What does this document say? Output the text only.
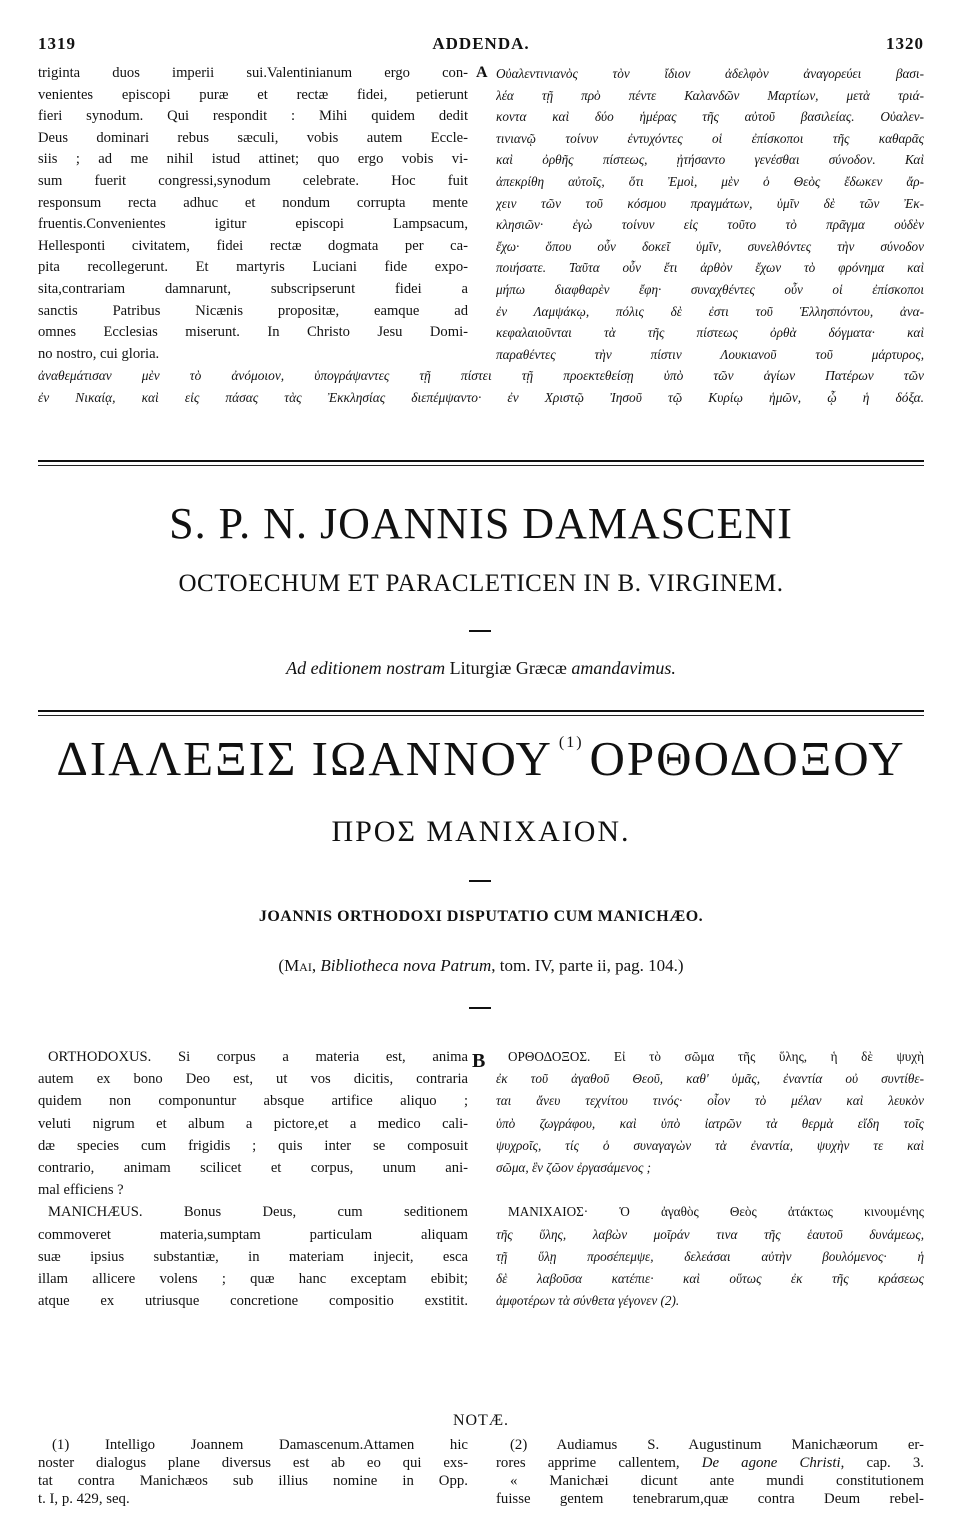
1319	ADDENDA.	1320
triginta duos imperii sui.Valentinianum ergo con-
venientes episcopi puræ et rectæ fidei, petierunt
fieri synodum. Qui respondit : Mihi quidem dedit
Deus dominari rebus sæculi, vobis autem Eccle-
siis ; ad me nihil istud attinet; quo ergo vobis vi-
sum fuerit congressi,synodum celebrate. Hoc fuit
responsum recta adhuc et nondum corrupta mente
fruentis.Convenientes igitur episcopi Lampsacum,
Hellesponti civitatem, fidei rectæ dogmata per ca-
pita recollegerunt. Et martyris Luciani fide expo-
sita,contrariam damnarunt, subscripserunt fidei a
sanctis Patribus Nicænis propositæ, eamque ad
omnes Ecclesias miserunt. In Christo Jesu Domi-
no nostro, cui gloria.
A Οὐαλεντινιανὸς τὸν ἴδιον ἀδελφὸν ἀναγορεύει βασι-
λέα τῇ πρὸ πέντε Καλανδῶν Μαρτίων, μετὰ τριά-
κοντα καὶ δύο ἡμέρας τῆς αὐτοῦ βασιλείας. Οὐαλεν-
τινιανῷ τοίνυν ἐντυχόντες οἱ ἐπίσκοποι τῆς καθαρᾶς
καὶ ὀρθῆς πίστεως, ᾐτήσαντο γενέσθαι σύνοδον. Καὶ
ἀπεκρίθη αὐτοῖς, ὅτι Ἐμοὶ, μὲν ὁ Θεὸς ἔδωκεν ἄρ-
χειν τῶν τοῦ κόσμου πραγμάτων, ὑμῖν δὲ τῶν Ἐκ-
κλησιῶν· ἐγὼ τοίνυν εἰς τοῦτο τὸ πρᾶγμα οὐδὲν
ἔχω· ὅπου οὖν δοκεῖ ὑμῖν, συνελθόντες τὴν σύνοδον
ποιήσατε. Ταῦτα οὖν ἔτι ἀρθὸν ἔχων τὸ φρόνημα καὶ
μήπω διαφθαρὲν ἔφη· συναχθέντες οὖν οἱ ἐπίσκοποι
ἐν Λαμψάκῳ, πόλις δὲ ἐστι τοῦ Ἑλλησπόντου, ἀνα-
κεφαλαιοῦνται τὰ τῆς πίστεως ὀρθὰ δόγματα· καὶ
παραθέντες τὴν πίστιν Λουκιανοῦ τοῦ μάρτυρος,
ἀναθεμάτισαν μὲν τὸ ἀνόμοιον, ὑπογράψαντες τῇ πίστει τῇ προεκτεθείσῃ ὑπὸ τῶν ἁγίων Πατέρων τῶν
ἐν Νικαίᾳ, καὶ εἰς πάσας τὰς Ἐκκλησίας διεπέμψαντο· ἐν Χριστῷ Ἰησοῦ τῷ Κυρίῳ ἡμῶν, ᾧ ἡ δόξα.
S. P. N. JOANNIS DAMASCENI
OCTOECHUM ET PARACLETICEN IN B. VIRGINEM.
Ad editionem nostram Liturgiæ Græcæ amandavimus.
ΔΙΑΛΕΞΙΣ ΙΩΑΝΝΟΥ $^{(1)}$ ΟΡΘΟΔΟΞΟΥ
ΠΡΟΣ ΜΑΝΙΧΑΙΟΝ.
JOANNIS ORTHODOXI DISPUTATIO CUM MANICHÆO.
(Mai, Bibliotheca nova Patrum, tom. IV, parte ii, pag. 104.)
ORTHODOXUS. Si corpus a materia est, anima
autem ex bono Deo est, ut vos dicitis, contraria
quidem non componuntur absque artifice aliquo ;
veluti nigrum et album a pictore,et a medico cali-
dæ species cum frigidis ; quis inter se composuit
contrario, animam scilicet et corpus, unum ani-
mal efficiens ?
MANICHÆUS. Bonus Deus, cum seditionem
commoveret materia,sumptam particulam aliquam
suæ ipsius substantiæ, in materiam injecit, esca
illam allicere volens ; quæ hanc exceptam ebibit;
atque ex utriusque concretione compositio exstitit.
B	ΟΡΘΟΔΟΞΟΣ. Εἰ τὸ σῶμα τῆς ὕλης, ἡ δὲ ψυχὴ
ἐκ τοῦ ἀγαθοῦ Θεοῦ, καθ' ὑμᾶς, ἐναντία οὐ συντίθε-
ται ἄνευ τεχνίτου τινός· οἷον τὸ μέλαν καὶ λευκὸν
ὑπὸ ζωγράφου, καὶ ὑπὸ ἰατρῶν τὰ θερμὰ εἴδη τοῖς
ψυχροῖς, τίς ὁ συναγαγὼν τὰ ἐναντία, ψυχὴν τε καὶ
σῶμα, ἓν ζῶον ἐργασάμενος ;
ΜΑΝΙΧΑΙΟΣ· Ὁ ἀγαθὸς Θεὸς ἀτάκτως κινουμένης
τῆς ὕλης, λαβὼν μοῖράν τινα τῆς ἑαυτοῦ δυνάμεως,
τῇ ὕλῃ προσέπεμψε, δελεάσαι αὐτὴν βουλόμενος· ἡ
δὲ λαβοῦσα κατέπιε· καὶ οὕτως ἐκ τῆς κράσεως
ἀμφοτέρων τὰ σύνθετα γέγονεν (2).
NOTÆ.
(1) Intelligo Joannem Damascenum.Attamen hic
noster dialogus plane diversus est ab eo qui exs-
tat contra Manichæos sub illius nomine in Opp.
t. I, p. 429, seq.
(2) Audiamus S. Augustinum Manichæorum er-
rores apprime callentem, De agone Christi, cap. 3.
« Manichæi dicunt ante mundi constitutionem
fuisse gentem tenebrarum,quæ contra Deum rebel-
